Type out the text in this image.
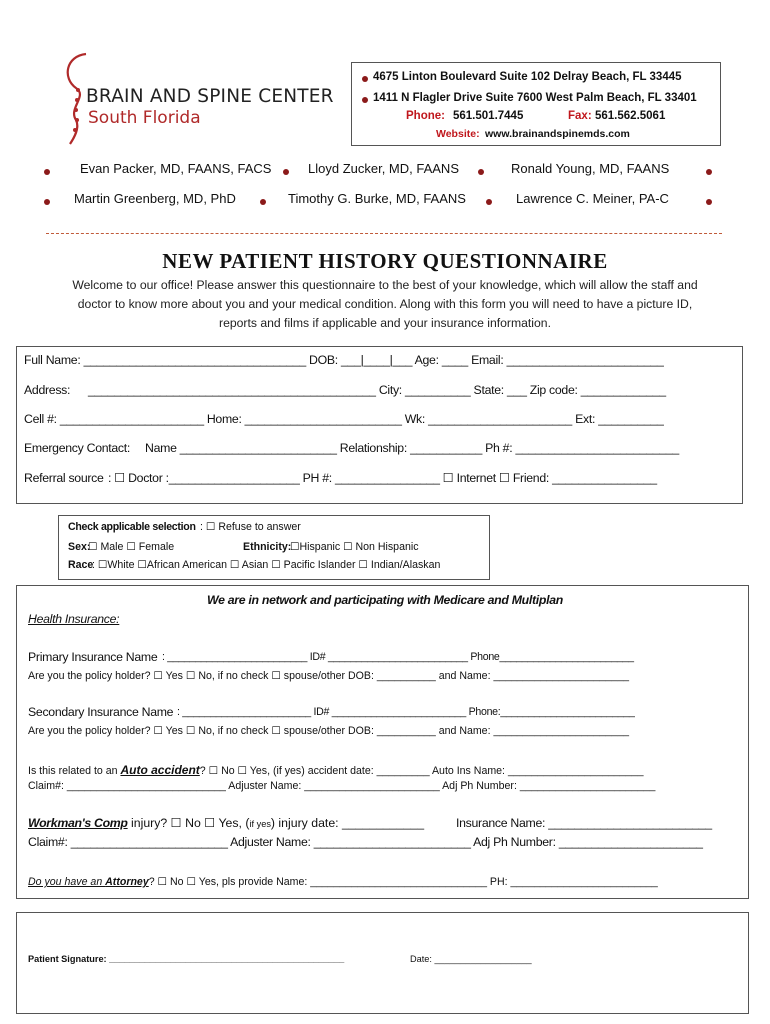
BRAIN AND SPINE CENTER
South Florida
4675 Linton Boulevard Suite 102 Delray Beach, FL 33445
1411 N Flagler Drive Suite 7600 West Palm Beach, FL 33401
Phone: 561.501.7445	Fax: 561.562.5061
Website: www.brainandspinemds.com
Evan Packer, MD, FAANS, FACS	Lloyd Zucker, MD, FAANS	Ronald Young, MD, FAANS
Martin Greenberg, MD, PhD	Timothy G. Burke, MD, FAANS	Lawrence C. Meiner, PA-C
NEW PATIENT HISTORY QUESTIONNAIRE
Welcome to our office! Please answer this questionnaire to the best of your knowledge, which will allow the staff and doctor to know more about you and your medical condition. Along with this form you will need to have a picture ID, reports and films if applicable and your insurance information.
Full Name: __________________________________ DOB: ___|____|___ Age: ____ Email: ________________________
Address: ____________________________________________ City: __________ State: ___ Zip code: _____________
Cell #: ______________________ Home: ________________________ Wk: ______________________ Ext: __________
Emergency Contact: Name ________________________ Relationship: ___________ Ph #: _________________________
Referral source : ☐ Doctor :____________________ PH #: ________________ ☐ Internet ☐ Friend: ________________
Check applicable selection : ☐ Refuse to answer
Sex:
☐ Male ☐ Female	Ethnicity:
☐Hispanic ☐ Non Hispanic
Race
: ☐White ☐African American ☐ Asian ☐ Pacific Islander ☐ Indian/Alaskan
We are in network and participating with Medicare and Multiplan
Health Insurance:
Primary Insurance Name : _________________________ ID# _________________________ Phone________________________
Are you the policy holder? ☐ Yes ☐ No, if no check ☐ spouse/other DOB: __________ and Name: _______________________
Secondary Insurance Name : _______________________ ID# ________________________ Phone:________________________
Are you the policy holder? ☐ Yes ☐ No, if no check ☐ spouse/other DOB: __________ and Name: _______________________
Is this related to an Auto accident? ☐ No ☐ Yes, (if yes) accident date: _________ Auto Ins Name: _______________________
Claim#: ___________________________ Adjuster Name: _______________________ Adj Ph Number: _______________________
Workman's Comp injury? ☐ No ☐ Yes, (if yes) injury date: ____________	Insurance Name: _________________________
Claim#: ________________________ Adjuster Name: ________________________ Adj Ph Number: ______________________
Do you have an Attorney? ☐ No ☐ Yes, pls provide Name: ______________________________ PH: _________________________
Patient Signature: ______________________________________________	Date: ___________________
